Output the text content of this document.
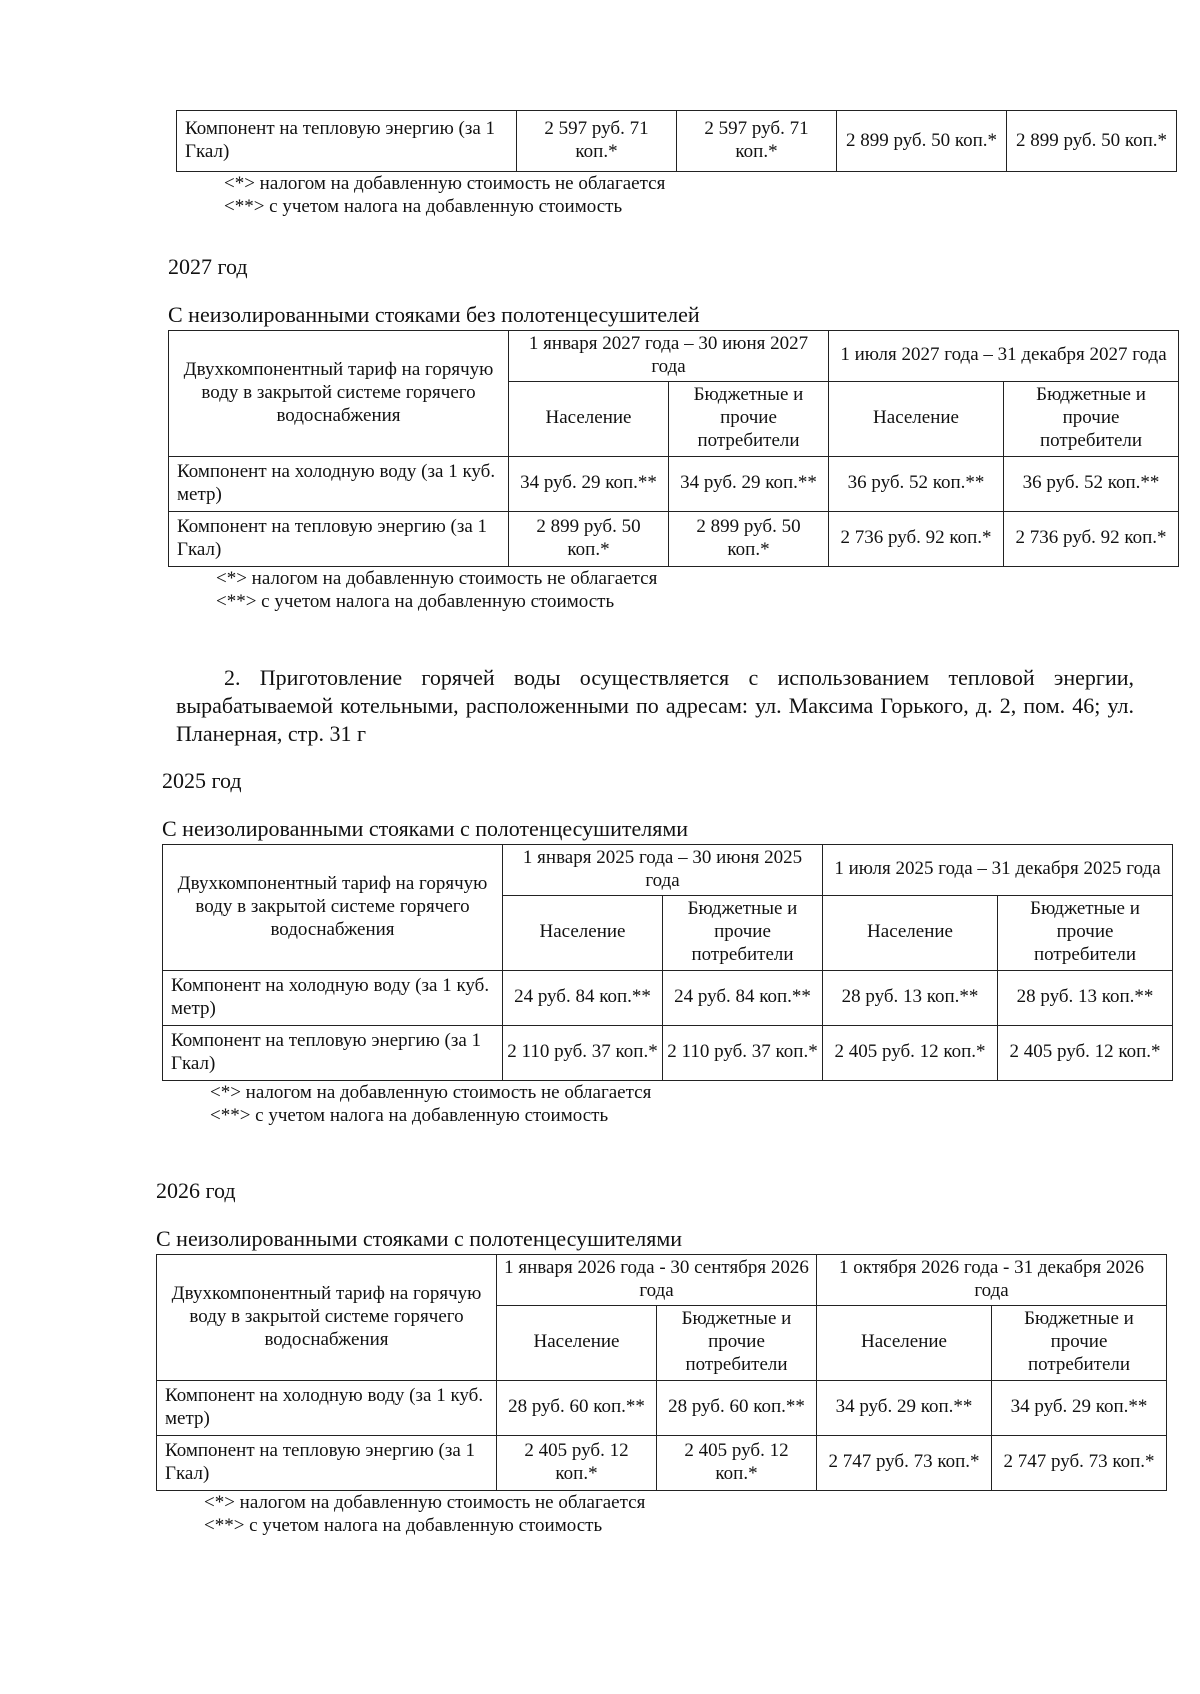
Компонент на тепловую энергию (за 1 Гкал)	2 597 руб. 71 коп.*	2 597 руб. 71 коп.*	2 899 руб. 50 коп.*	2 899 руб. 50 коп.*
<*> налогом на добавленную стоимость не облагается
<**> с учетом налога на добавленную стоимость
2027 год
С неизолированными стояками без полотенцесушителей
Двухкомпонентный тариф на горячую воду в закрытой системе горячего водоснабжения	1 января 2027 года – 30 июня 2027 года		1 июля 2027 года – 31 декабря 2027 года	
	Население	Бюджетные и прочие потребители	Население	Бюджетные и прочие потребители
Компонент на холодную воду (за 1 куб. метр)	34 руб. 29 коп.**	34 руб. 29 коп.**	36 руб. 52 коп.**	36 руб. 52 коп.**
Компонент на тепловую энергию (за 1 Гкал)	2 899 руб. 50 коп.*	2 899 руб. 50 коп.*	2 736 руб. 92 коп.*	2 736 руб. 92 коп.*
<*> налогом на добавленную стоимость не облагается
<**> с учетом налога на добавленную стоимость
2. Приготовление горячей воды осуществляется с использованием тепловой энергии, вырабатываемой котельными, расположенными по адресам: ул. Максима Горького, д. 2, пом. 46; ул. Планерная, стр. 31 г
2025 год
С неизолированными стояками с полотенцесушителями
Двухкомпонентный тариф на горячую воду в закрытой системе горячего водоснабжения	1 января 2025 года – 30 июня 2025 года		1 июля 2025 года – 31 декабря 2025 года	
	Население	Бюджетные и прочие потребители	Население	Бюджетные и прочие потребители
Компонент на холодную воду (за 1 куб. метр)	24 руб. 84 коп.**	24 руб. 84 коп.**	28 руб. 13 коп.**	28 руб. 13 коп.**
Компонент на тепловую энергию (за 1 Гкал)	2 110 руб. 37 коп.*	2 110 руб. 37 коп.*	2 405 руб. 12 коп.*	2 405 руб. 12 коп.*
<*> налогом на добавленную стоимость не облагается
<**> с учетом налога на добавленную стоимость
2026 год
С неизолированными стояками с полотенцесушителями
Двухкомпонентный тариф на горячую воду в закрытой системе горячего водоснабжения	1 января 2026 года - 30 сентября 2026 года		1 октября 2026 года - 31 декабря 2026 года	
	Население	Бюджетные и прочие потребители	Население	Бюджетные и прочие потребители
Компонент на холодную воду (за 1 куб. метр)	28 руб. 60 коп.**	28 руб. 60 коп.**	34 руб. 29 коп.**	34 руб. 29 коп.**
Компонент на тепловую энергию (за 1 Гкал)	2 405 руб. 12 коп.*	2 405 руб. 12 коп.*	2 747 руб. 73 коп.*	2 747 руб. 73 коп.*
<*> налогом на добавленную стоимость не облагается
<**> с учетом налога на добавленную стоимость
